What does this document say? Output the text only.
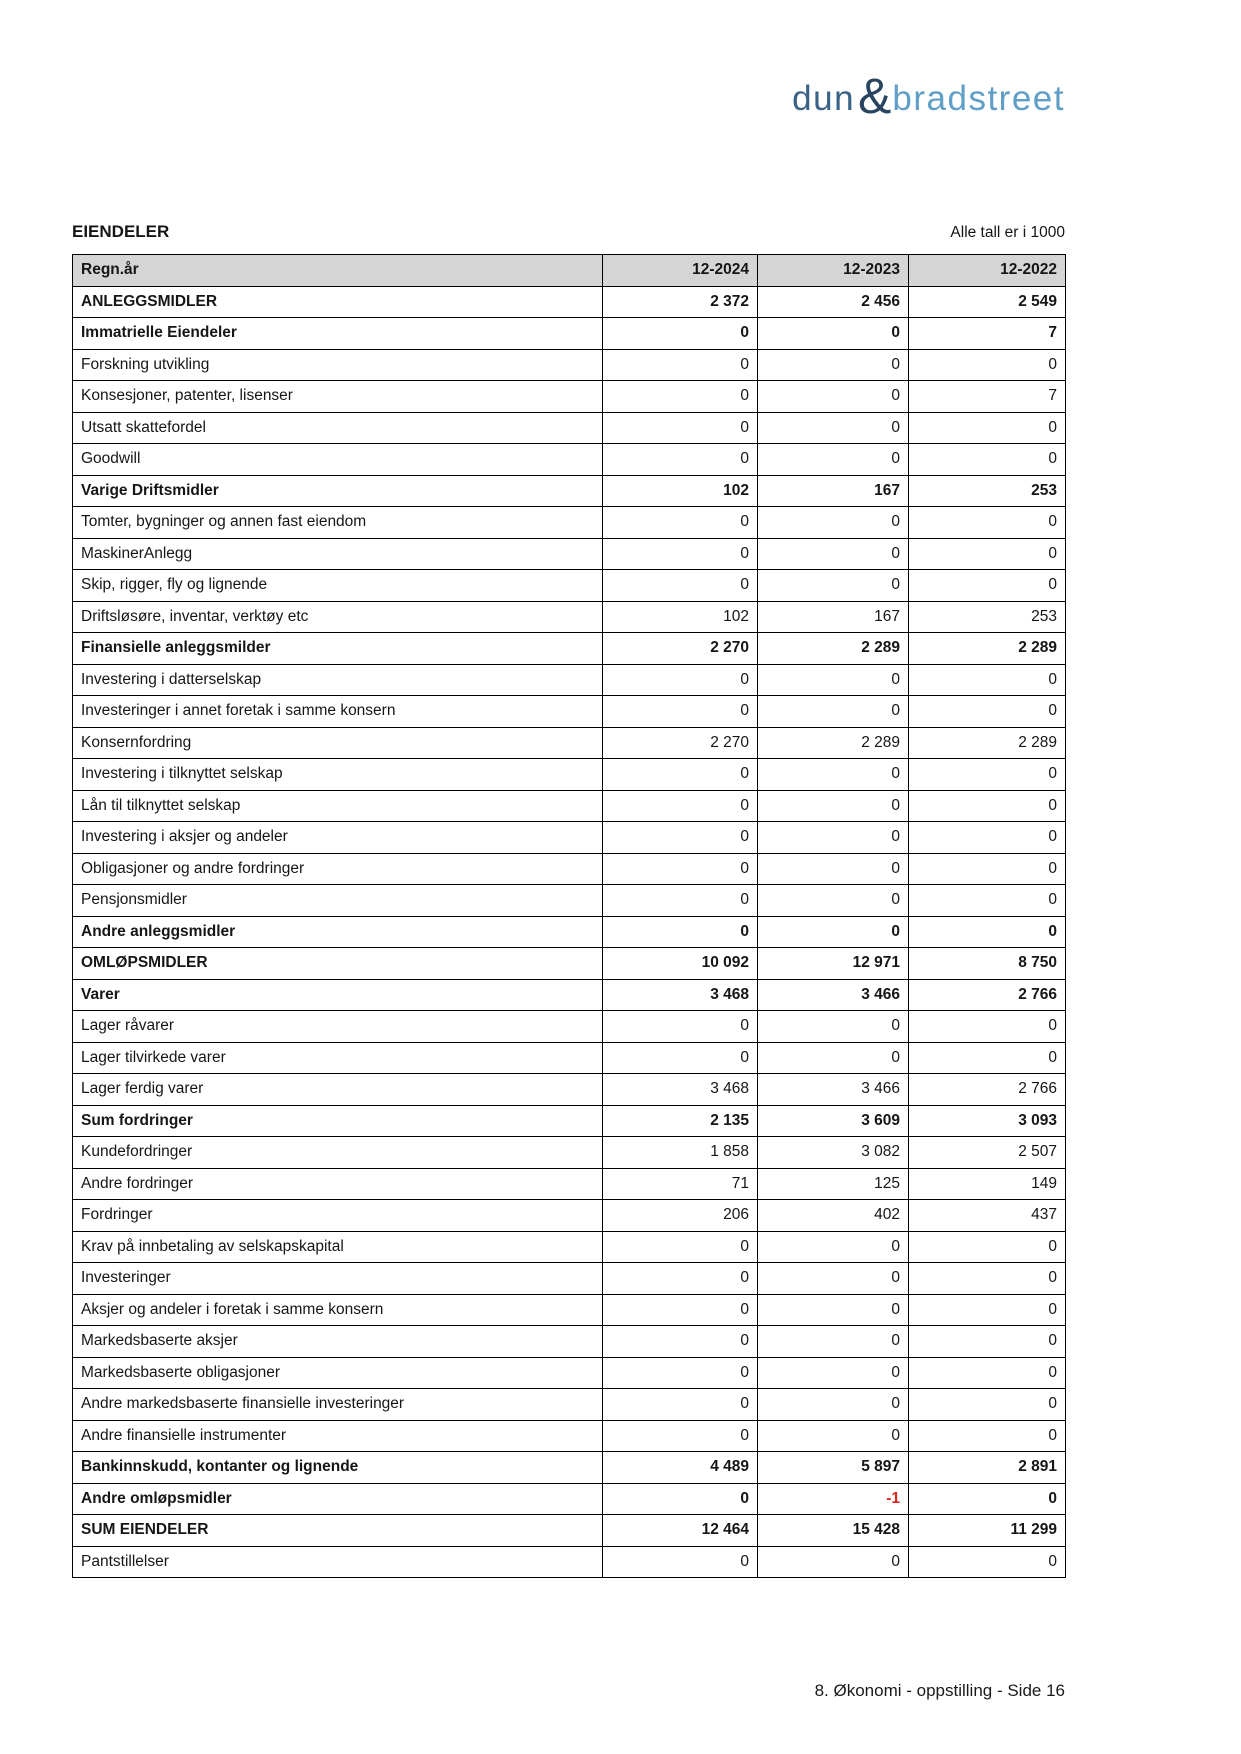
dun & bradstreet
EIENDELER	Alle tall er i 1000
Regn.år	12-2024	12-2023	12-2022
ANLEGGSMIDLER	2 372	2 456	2 549
Immatrielle Eiendeler	0	0	7
Forskning utvikling	0	0	0
Konsesjoner, patenter, lisenser	0	0	7
Utsatt skattefordel	0	0	0
Goodwill	0	0	0
Varige Driftsmidler	102	167	253
Tomter, bygninger og annen fast eiendom	0	0	0
MaskinerAnlegg	0	0	0
Skip, rigger, fly og lignende	0	0	0
Driftsløsøre, inventar, verktøy etc	102	167	253
Finansielle anleggsmilder	2 270	2 289	2 289
Investering i datterselskap	0	0	0
Investeringer i annet foretak i samme konsern	0	0	0
Konsernfordring	2 270	2 289	2 289
Investering i tilknyttet selskap	0	0	0
Lån til tilknyttet selskap	0	0	0
Investering i aksjer og andeler	0	0	0
Obligasjoner og andre fordringer	0	0	0
Pensjonsmidler	0	0	0
Andre anleggsmidler	0	0	0
OMLØPSMIDLER	10 092	12 971	8 750
Varer	3 468	3 466	2 766
Lager råvarer	0	0	0
Lager tilvirkede varer	0	0	0
Lager ferdig varer	3 468	3 466	2 766
Sum fordringer	2 135	3 609	3 093
Kundefordringer	1 858	3 082	2 507
Andre fordringer	71	125	149
Fordringer	206	402	437
Krav på innbetaling av selskapskapital	0	0	0
Investeringer	0	0	0
Aksjer og andeler i foretak i samme konsern	0	0	0
Markedsbaserte aksjer	0	0	0
Markedsbaserte obligasjoner	0	0	0
Andre markedsbaserte finansielle investeringer	0	0	0
Andre finansielle instrumenter	0	0	0
Bankinnskudd, kontanter og lignende	4 489	5 897	2 891
Andre omløpsmidler	0	-1	0
SUM EIENDELER	12 464	15 428	11 299
Pantstillelser	0	0	0
8. Økonomi - oppstilling - Side 16
